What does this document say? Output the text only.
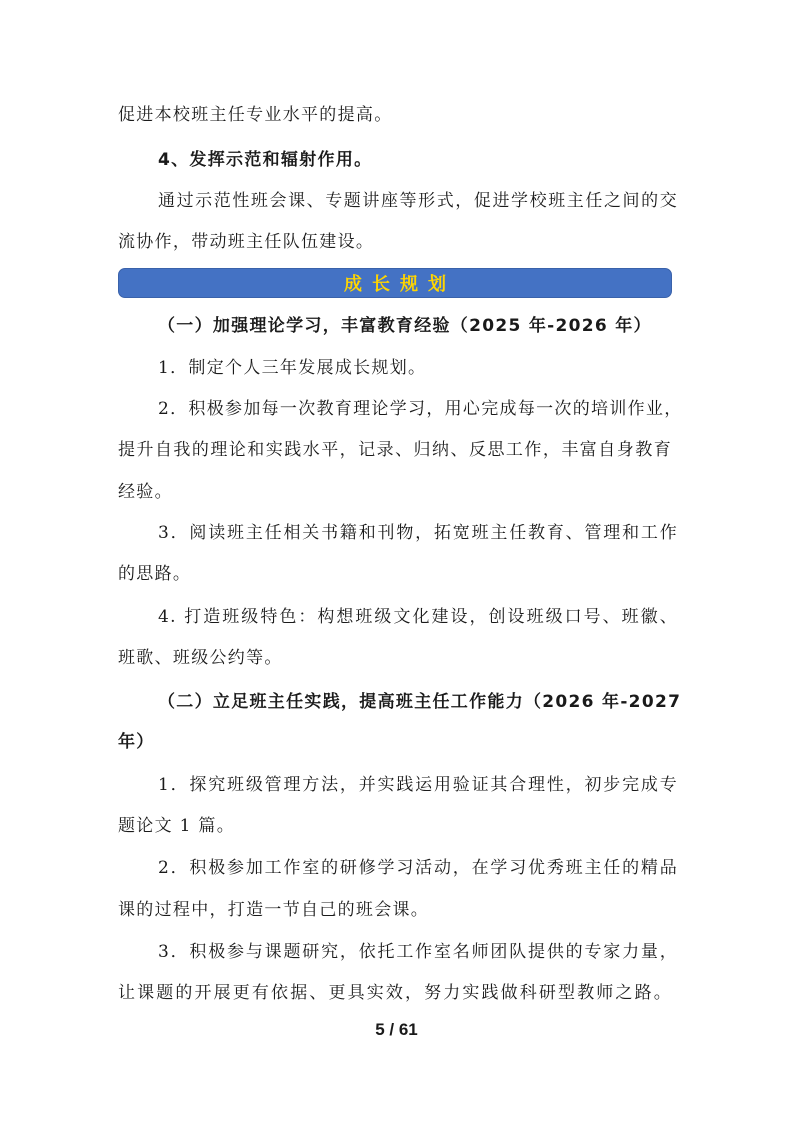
促进本校班主任专业水平的提高。
4、发挥示范和辐射作用。
通过示范性班会课、专题讲座等形式，促进学校班主任之间的交
流协作，带动班主任队伍建设。
成长规划
（一）加强理论学习，丰富教育经验（2025 年-2026 年）
1．制定个人三年发展成长规划。
2．积极参加每一次教育理论学习，用心完成每一次的培训作业，
提升自我的理论和实践水平，记录、归纳、反思工作，丰富自身教育
经验。
3．阅读班主任相关书籍和刊物，拓宽班主任教育、管理和工作
的思路。
4. 打造班级特色：构想班级文化建设，创设班级口号、班徽、
班歌、班级公约等。
（二）立足班主任实践，提高班主任工作能力（2026 年-2027
年）
1．探究班级管理方法，并实践运用验证其合理性，初步完成专
题论文 1 篇。
2．积极参加工作室的研修学习活动，在学习优秀班主任的精品
课的过程中，打造一节自己的班会课。
3．积极参与课题研究，依托工作室名师团队提供的专家力量，
让课题的开展更有依据、更具实效，努力实践做科研型教师之路。
5 / 61
